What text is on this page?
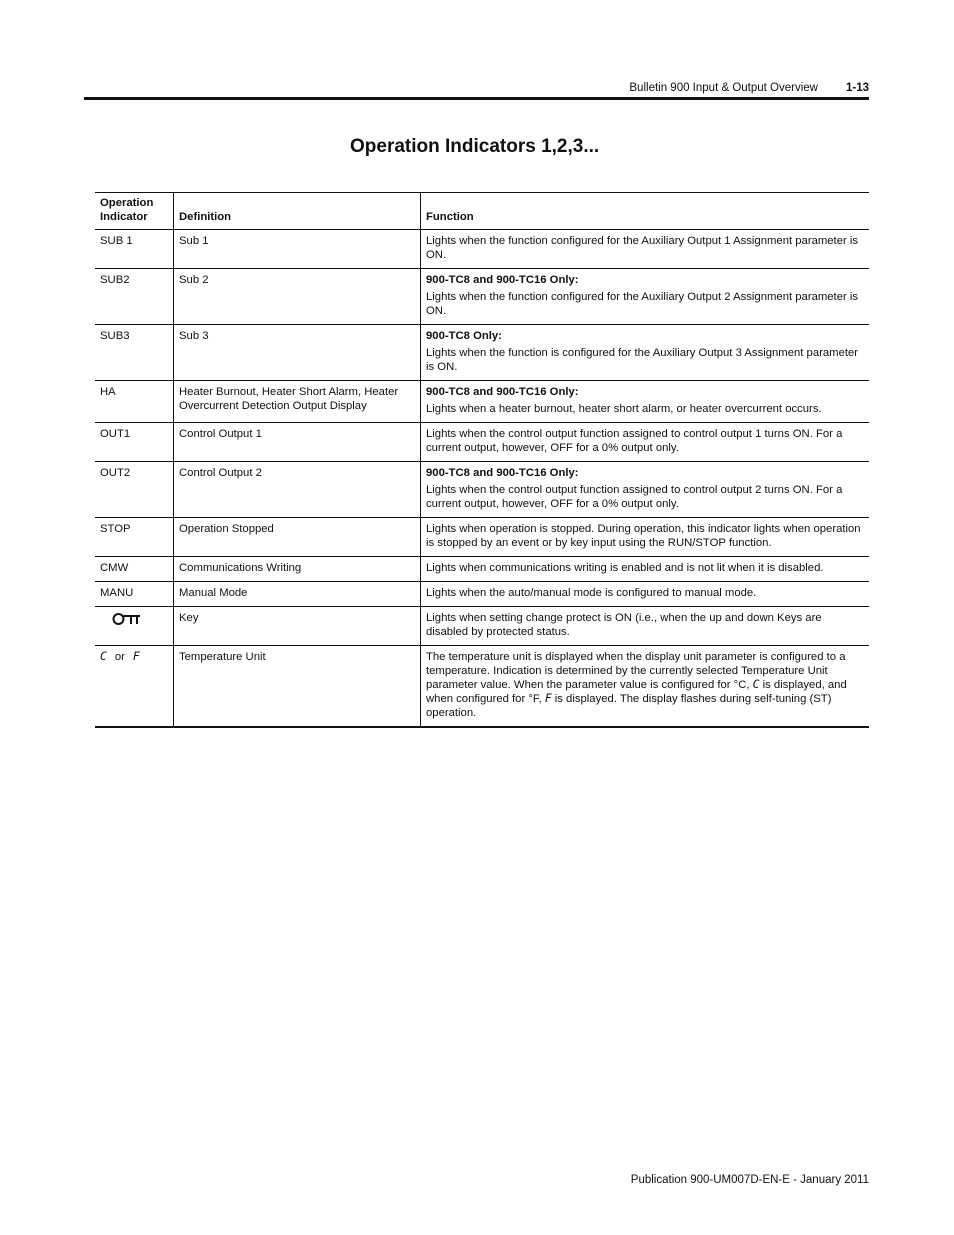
Bulletin 900 Input & Output Overview 1-13
Operation Indicators 1,2,3...
Operation
Indicator	Definition	Function
SUB 1	Sub 1	Lights when the function configured for the Auxiliary Output 1 Assignment parameter is ON.
SUB2	Sub 2	900-TC8 and 900-TC16 Only:
Lights when the function configured for the Auxiliary Output 2 Assignment parameter is ON.
SUB3	Sub 3	900-TC8 Only:
Lights when the function is configured for the Auxiliary Output 3 Assignment parameter is ON.
HA	Heater Burnout, Heater Short Alarm, Heater Overcurrent Detection Output Display	900-TC8 and 900-TC16 Only:
Lights when a heater burnout, heater short alarm, or heater overcurrent occurs.
OUT1	Control Output 1	Lights when the control output function assigned to control output 1 turns ON. For a current output, however, OFF for a 0% output only.
OUT2	Control Output 2	900-TC8 and 900-TC16 Only:
Lights when the control output function assigned to control output 2 turns ON. For a current output, however, OFF for a 0% output only.
STOP	Operation Stopped	Lights when operation is stopped. During operation, this indicator lights when operation is stopped by an event or by key input using the RUN/STOP function.
CMW	Communications Writing	Lights when communications writing is enabled and is not lit when it is disabled.
MANU	Manual Mode	Lights when the auto/manual mode is configured to manual mode.
	Key	Lights when setting change protect is ON (i.e., when the up and down Keys are disabled by protected status.
C or F	Temperature Unit	The temperature unit is displayed when the display unit parameter is configured to a temperature. Indication is determined by the currently selected Temperature Unit parameter value. When the parameter value is configured for °C, C is displayed, and when configured for °F, F is displayed. The display flashes during self-tuning (ST) operation.
Publication 900-UM007D-EN-E - January 2011
